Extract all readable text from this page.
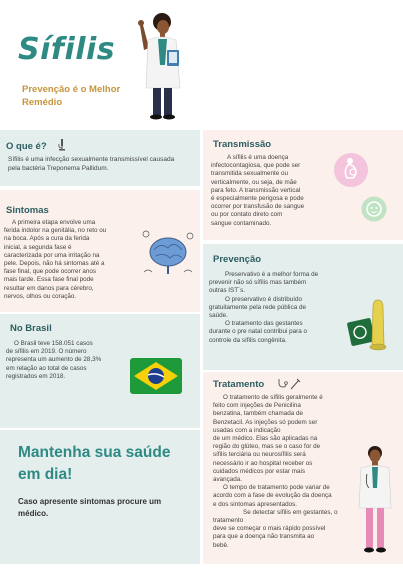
Sífilis
Prevenção é o Melhor Remédio
O que é?
Sífilis é uma infecção sexualmente transmissível causada pela bactéria Treponema Pallidum.
Sintomas
A primeira etapa envolve uma
ferida indolor na genitália, no reto ou
na boca. Após a cura da ferida
inicial, a segunda fase é
caracterizada por uma irritação na
pele. Depois, não há sintomas até a
fase final, que pode ocorrer anos
mais tarde. Essa fase final pode
resultar em danos para cérebro,
nervos, olhos ou coração.
No Brasil
O Brasil teve 158.051 casos
de sífilis em 2019. O número
representa um aumento de 28,3%
em relação ao total de casos
registrados em 2018.
Mantenha sua saúde em dia!
Caso apresente sintomas procure um médico.
Transmissão
A sífilis é uma doença
infectocontagiosa, que pode ser
transmitida sexualmente ou
verticalmente, ou seja, de mãe
para feto. A transmissão vertical
é especialmente perigosa e pode
ocorrer por transfusão de sangue
ou por contato direto com
sangue contaminado.
Prevenção
Preservativo é a melhor forma de
prevenir não só sífilis mas também
outras IST´s.
O preservativo é distribuído
gratuitamente pela rede pública de
saúde.
O tratamento das gestantes
durante o pre natal contribui para o
controle da sífilis congênita.
Tratamento
O tratamento de sífilis geralmente é
feito com injeções de Penicilina
benzatina, também chamada de
Benzetacil. As injeções só podem ser
usadas com a indicação
de um médico. Elas são aplicadas na
região do glúteo, mas se o caso for de
sífilis terciária ou neurosífilis será
necessário ir ao hospital receber os
cuidados médicos por estar mais
avançada.
O tempo de tratamento pode variar de
acordo com a fase de evolução da doença
e dos sintomas apresentados.
Se detectar sífilis em gestantes, o
tratamento
deve se começar o mais rápido possível
para que a doença não transmita ao
bebê.
